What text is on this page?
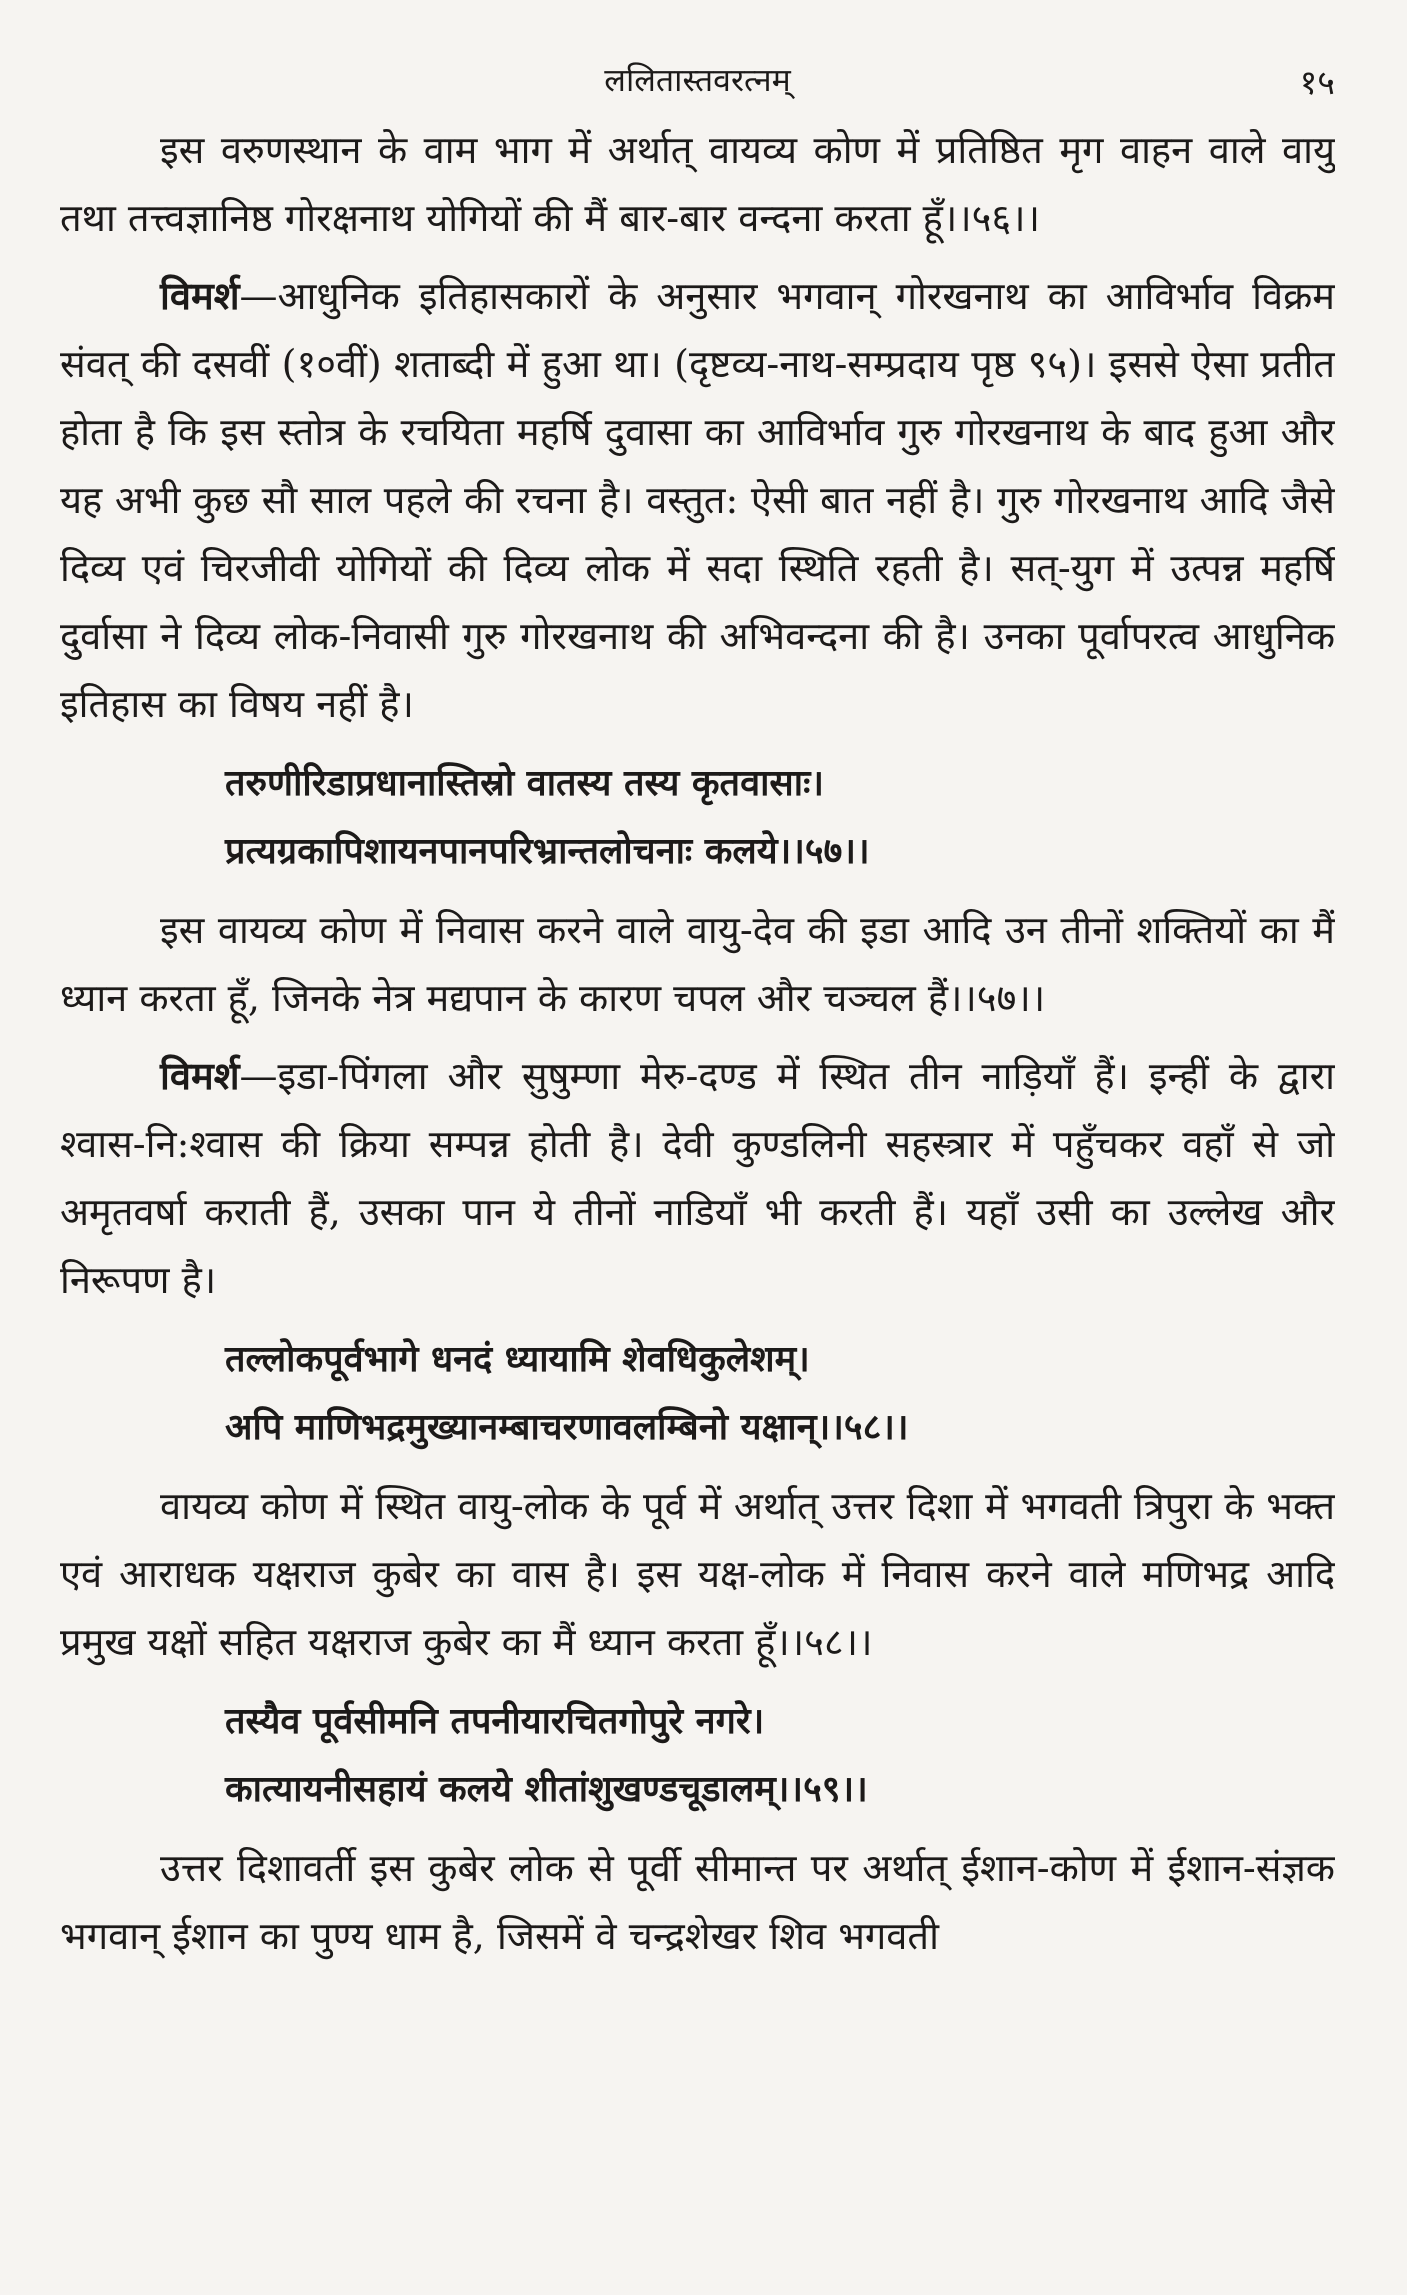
ललितास्तवरत्नम्	१५

इस वरुणस्थान के वाम भाग में अर्थात् वायव्य कोण में प्रतिष्ठित मृग वाहन वाले वायु तथा तत्त्वज्ञानिष्ठ गोरक्षनाथ योगियों की मैं बार-बार वन्दना करता हूँ।।५६।।

विमर्श—आधुनिक इतिहासकारों के अनुसार भगवान् गोरखनाथ का आविर्भाव विक्रम संवत् की दसवीं (१०वीं) शताब्दी में हुआ था। (दृष्टव्य-नाथ-सम्प्रदाय पृष्ठ ९५)। इससे ऐसा प्रतीत होता है कि इस स्तोत्र के रचयिता महर्षि दुवासा का आविर्भाव गुरु गोरखनाथ के बाद हुआ और यह अभी कुछ सौ साल पहले की रचना है। वस्तुत: ऐसी बात नहीं है। गुरु गोरखनाथ आदि जैसे दिव्य एवं चिरजीवी योगियों की दिव्य लोक में सदा स्थिति रहती है। सत्-युग में उत्पन्न महर्षि दुर्वासा ने दिव्य लोक-निवासी गुरु गोरखनाथ की अभिवन्दना की है। उनका पूर्वापरत्व आधुनिक इतिहास का विषय नहीं है।

तरुणीरिडाप्रधानास्तिस्रो वातस्य तस्य कृतवासाः।
प्रत्यग्रकापिशायनपानपरिभ्रान्तलोचनाः कलये।।५७।।

इस वायव्य कोण में निवास करने वाले वायु-देव की इडा आदि उन तीनों शक्तियों का मैं ध्यान करता हूँ, जिनके नेत्र मद्यपान के कारण चपल और चञ्चल हैं।।५७।।

विमर्श—इडा-पिंगला और सुषुम्णा मेरु-दण्ड में स्थित तीन नाड़ियाँ हैं। इन्हीं के द्वारा श्वास-नि:श्वास की क्रिया सम्पन्न होती है। देवी कुण्डलिनी सहस्त्रार में पहुँचकर वहाँ से जो अमृतवर्षा कराती हैं, उसका पान ये तीनों नाडियाँ भी करती हैं। यहाँ उसी का उल्लेख और निरूपण है।

तल्लोकपूर्वभागे धनदं ध्यायामि शेवधिकुलेशम्।
अपि माणिभद्रमुख्यानम्बाचरणावलम्बिनो यक्षान्।।५८।।

वायव्य कोण में स्थित वायु-लोक के पूर्व में अर्थात् उत्तर दिशा में भगवती त्रिपुरा के भक्त एवं आराधक यक्षराज कुबेर का वास है। इस यक्ष-लोक में निवास करने वाले मणिभद्र आदि प्रमुख यक्षों सहित यक्षराज कुबेर का मैं ध्यान करता हूँ।।५८।।

तस्यैव पूर्वसीमनि तपनीयारचितगोपुरे नगरे।
कात्यायनीसहायं कलये शीतांशुखण्डचूडालम्।।५९।।

उत्तर दिशावर्ती इस कुबेर लोक से पूर्वी सीमान्त पर अर्थात् ईशान-कोण में ईशान-संज्ञक भगवान् ईशान का पुण्य धाम है, जिसमें वे चन्द्रशेखर शिव भगवती
